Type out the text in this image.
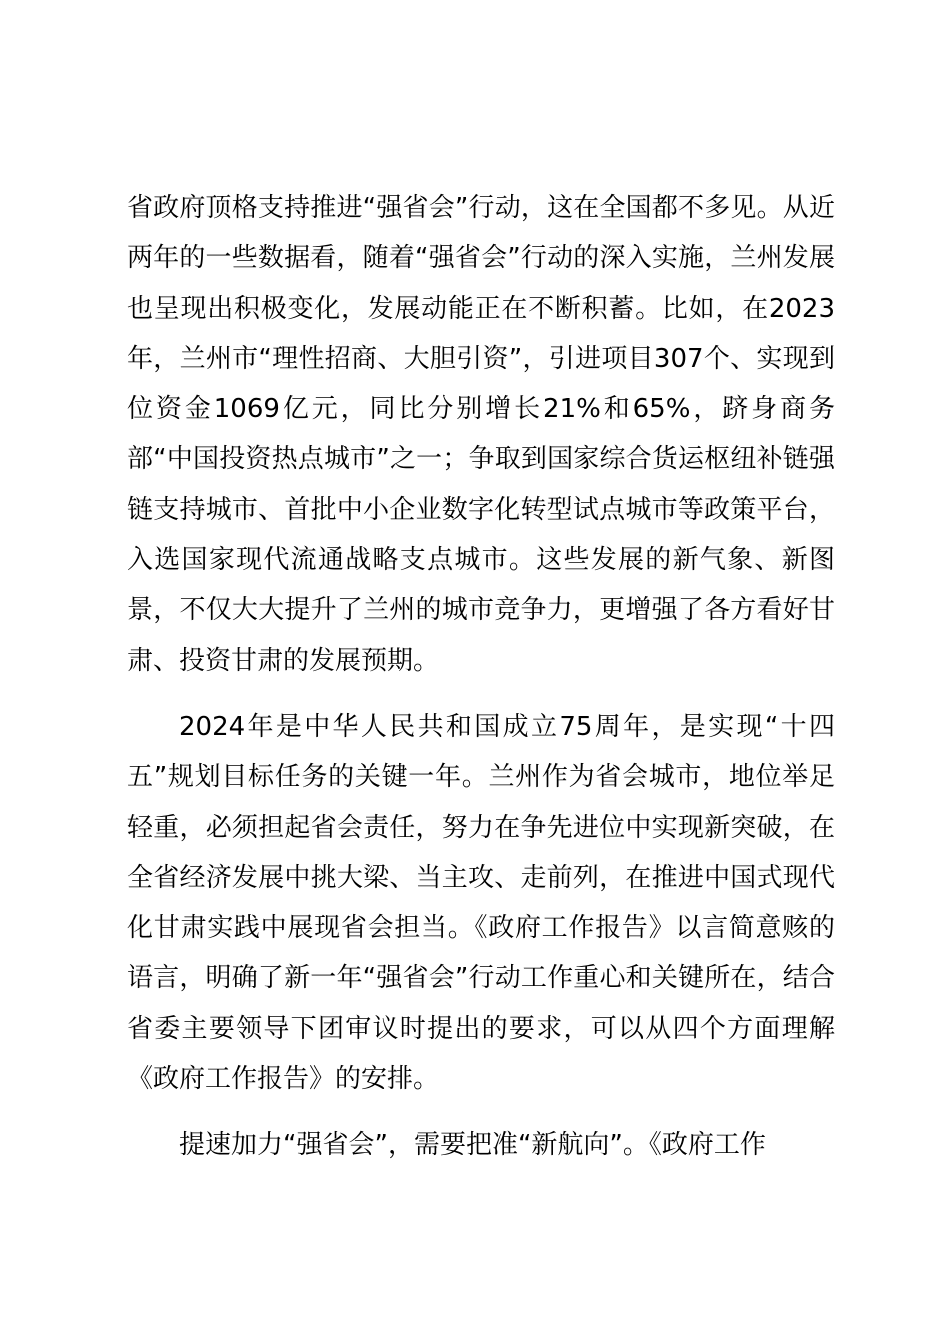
省政府顶格支持推进“强省会”行动，这在全国都不多见。从近两年的一些数据看，随着“强省会”行动的深入实施，兰州发展也呈现出积极变化，发展动能正在不断积蓄。比如，在2023年，兰州市“理性招商、大胆引资”，引进项目307个、实现到位资金1069亿元，同比分别增长21%和65%，跻身商务部“中国投资热点城市”之一；争取到国家综合货运枢纽补链强链支持城市、首批中小企业数字化转型试点城市等政策平台，入选国家现代流通战略支点城市。这些发展的新气象、新图景，不仅大大提升了兰州的城市竞争力，更增强了各方看好甘肃、投资甘肃的发展预期。

2024年是中华人民共和国成立75周年，是实现“十四五”规划目标任务的关键一年。兰州作为省会城市，地位举足轻重，必须担起省会责任，努力在争先进位中实现新突破，在全省经济发展中挑大梁、当主攻、走前列，在推进中国式现代化甘肃实践中展现省会担当。《政府工作报告》以言简意赅的语言，明确了新一年“强省会”行动工作重心和关键所在，结合省委主要领导下团审议时提出的要求，可以从四个方面理解《政府工作报告》的安排。

提速加力“强省会”，需要把准“新航向”。《政府工作
